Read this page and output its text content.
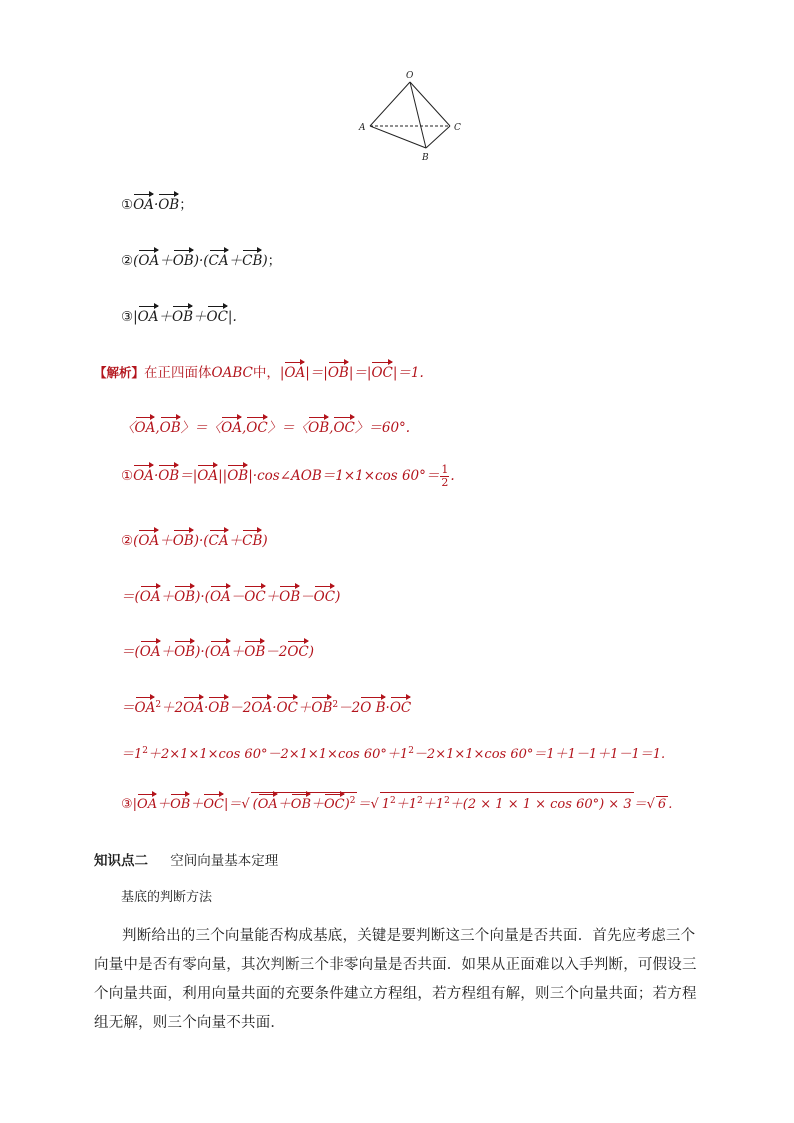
O
A
B
C
①OA·OB；
②(OA＋OB)·(CA＋CB)；
③|OA＋OB＋OC|.
【解析】在正四面体OABC中，|OA|＝|OB|＝|OC|＝1.
〈OA,OB〉＝〈OA,OC〉＝〈OB,OC〉＝60°.
①OA·OB＝|OA||OB|·cos∠AOB＝1×1×cos $60^\circ= \frac{1}{2}$ .
②(OA＋OB)·(CA＋CB)
＝(OA＋OB)·(OA－OC＋OB－OC)
＝(OA＋OB)·(OA＋OB－2OC)
$=OA^2+2OA\cdot OB-2OA\cdot OC+OB^2-2O$ B·OC
$=1^2+2\times 1\times 1\times\cos$ 60°－2×1×1×cos $60^\circ+1^2-2\times 1\times 1\times\cos$ 60°＝1＋1－1＋1－1＝1.
③|OA＋OB＋OC|＝√ $(OA+OB+OC)^2$ ＝√ $1^2+1^2+1^2+(2 \times 1 \times 1 \times \cos 60^\circ) \times 3$ ＝√ 6 .
知识点二 空间向量基本定理
基底的判断方法
判断给出的三个向量能否构成基底，关键是要判断这三个向量是否共面．首先应考虑三个向量中是否有零向量，其次判断三个非零向量是否共面．如果从正面难以入手判断，可假设三个向量共面，利用向量共面的充要条件建立方程组，若方程组有解，则三个向量共面；若方程组无解，则三个向量不共面．
